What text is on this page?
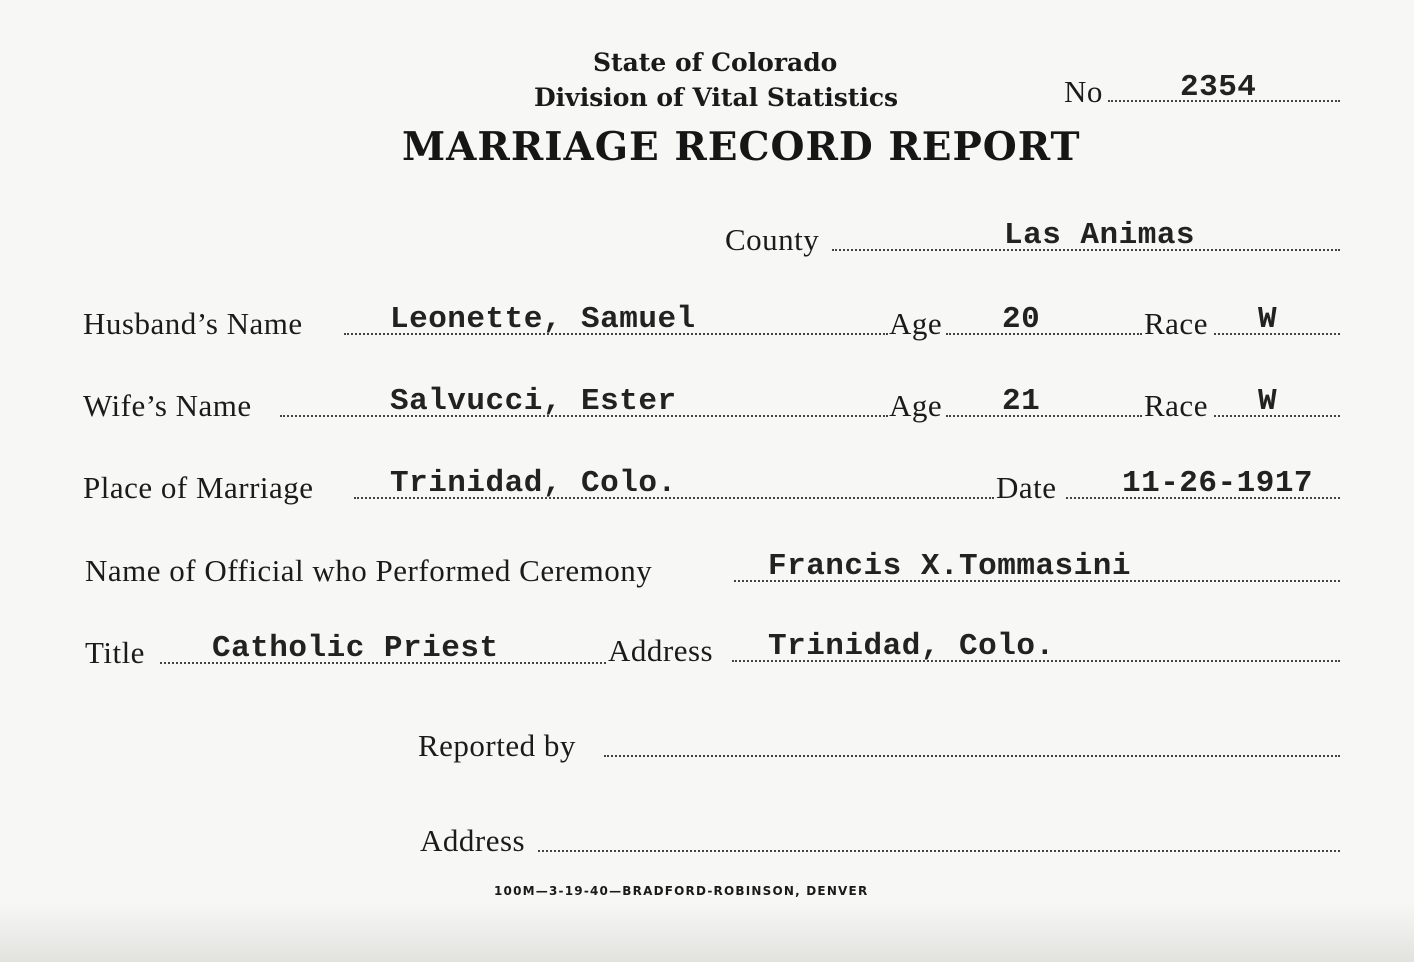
State of Colorado
Division of Vital Statistics
MARRIAGE RECORD REPORT
No 2354
County	Las Animas
Husband’s Name	Leonette, Samuel	Age 20	Race W
Wife’s Name	Salvucci, Ester	Age 21	Race W
Place of Marriage Trinidad, Colo.	Date 11-26-1917
Name of Official who Performed Ceremony	Francis X.Tommasini
Title Catholic Priest	Address Trinidad, Colo.
Reported by
Address
100M—3-19-40—BRADFORD-ROBINSON, DENVER
